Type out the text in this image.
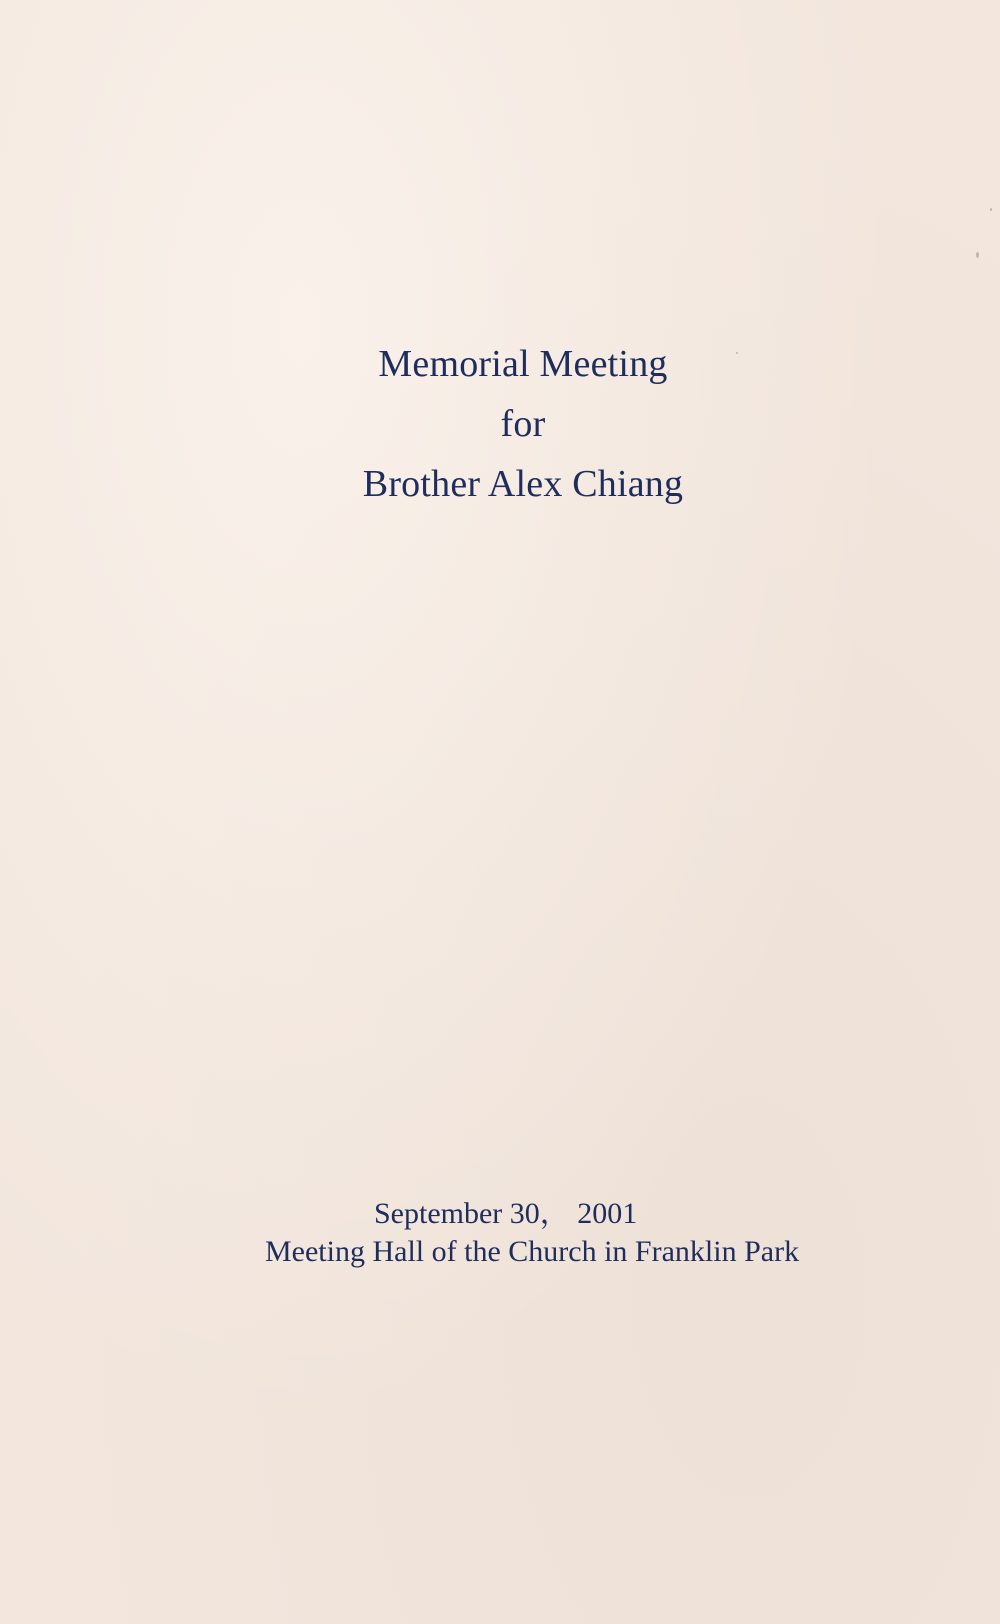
Memorial Meeting
for
Brother Alex Chiang
September 30， 2001
Meeting Hall of the Church in Franklin Park
